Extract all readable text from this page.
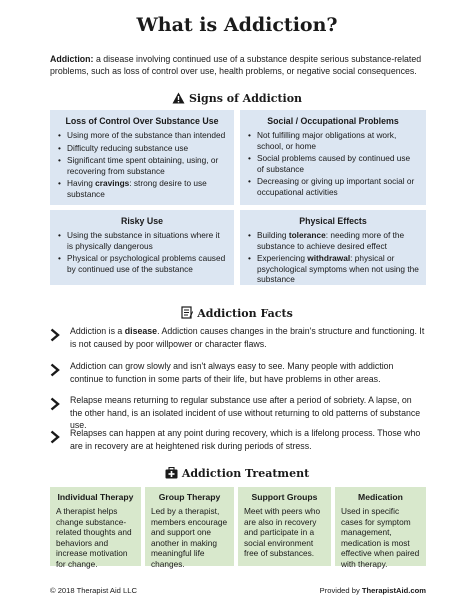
What is Addiction?
Addiction: a disease involving continued use of a substance despite serious substance-related problems, such as loss of control over use, health problems, or negative social consequences.
Signs of Addiction
Loss of Control Over Substance Use
• Using more of the substance than intended
• Difficulty reducing substance use
• Significant time spent obtaining, using, or recovering from substance
• Having cravings: strong desire to use substance
Social / Occupational Problems
• Not fulfilling major obligations at work, school, or home
• Social problems caused by continued use of substance
• Decreasing or giving up important social or occupational activities
Risky Use
• Using the substance in situations where it is physically dangerous
• Physical or psychological problems caused by continued use of the substance
Physical Effects
• Building tolerance: needing more of the substance to achieve desired effect
• Experiencing withdrawal: physical or psychological symptoms when not using the substance
Addiction Facts

Addiction is a disease. Addiction causes changes in the brain's structure and functioning. It is not caused by poor willpower or character flaws.

Addiction can grow slowly and isn't always easy to see. Many people with addiction continue to function in some parts of their life, but have problems in other areas.

Relapse means returning to regular substance use after a period of sobriety. A lapse, on the other hand, is an isolated incident of use without returning to old patterns of substance use.

Relapses can happen at any point during recovery, which is a lifelong process. Those who are in recovery are at heightened risk during periods of stress.

Addiction Treatment
Individual Therapy

A therapist helps change substance-related thoughts and behaviors and increase motivation for change.

Group Therapy

Led by a therapist, members encourage and support one another in making meaningful life changes.

Support Groups

Meet with peers who are also in recovery and participate in a social environment free of substances.

Medication

Used in specific cases for symptom management, medication is most effective when paired with therapy.

© 2018 Therapist Aid LLC	Provided by TherapistAid.com
